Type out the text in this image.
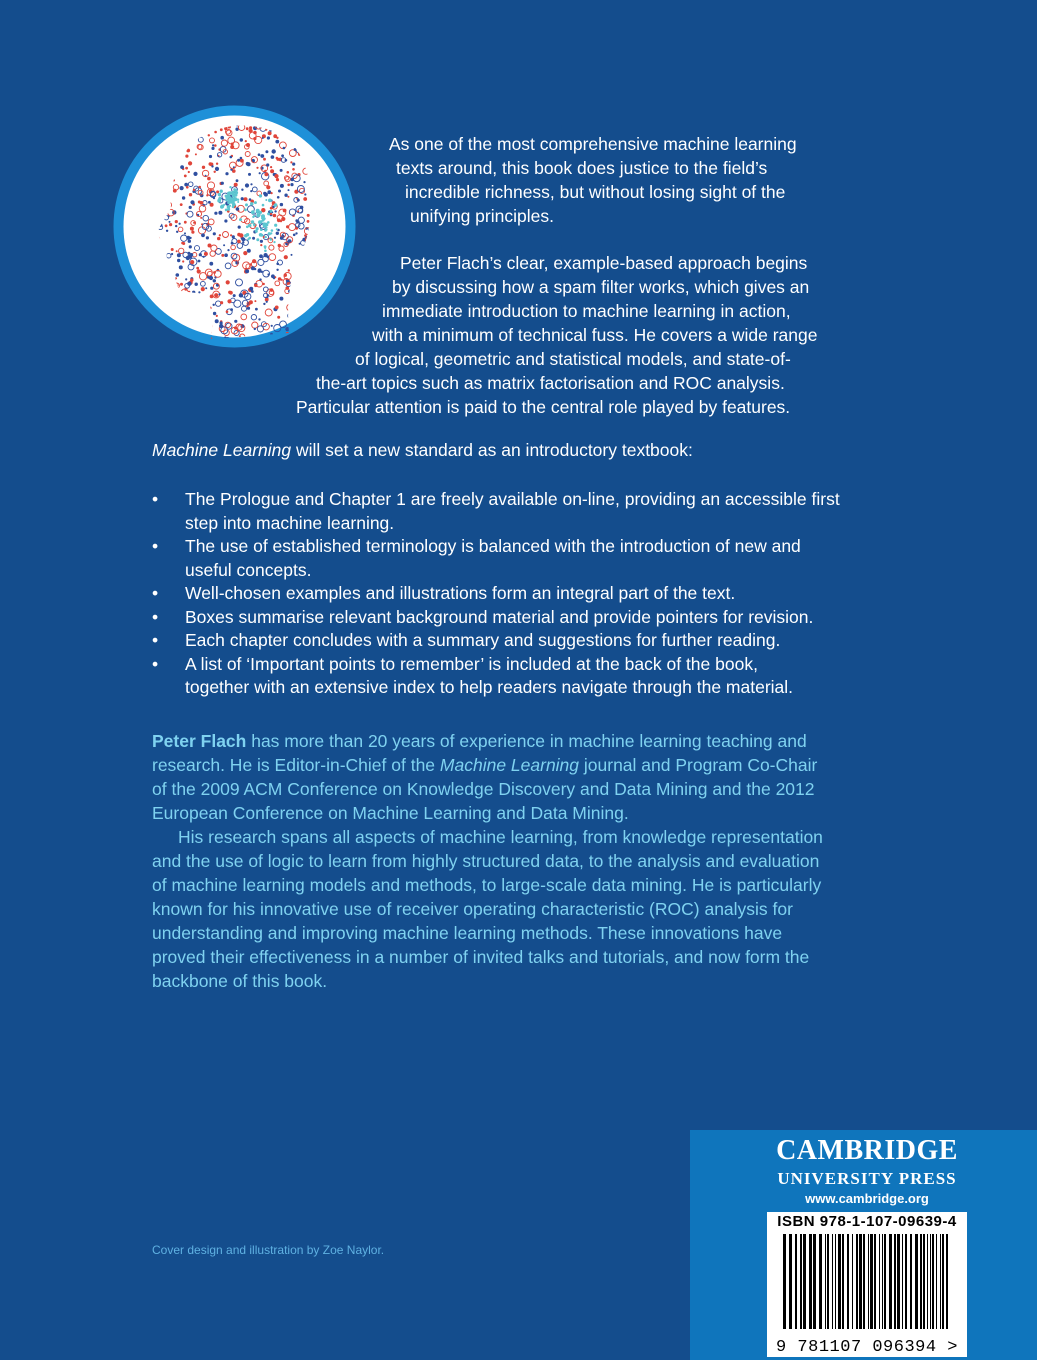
As one of the most comprehensive machine learning
texts around, this book does justice to the field’s
incredible richness, but without losing sight of the
unifying principles.
Peter Flach’s clear, example-based approach begins
by discussing how a spam filter works, which gives an
immediate introduction to machine learning in action,
with a minimum of technical fuss. He covers a wide range
of logical, geometric and statistical models, and state-of-
the-art topics such as matrix factorisation and ROC analysis.
Particular attention is paid to the central role played by features.
Machine Learning will set a new standard as an introductory textbook:
• The Prologue and Chapter 1 are freely available on-line, providing an accessible first
step into machine learning.
• The use of established terminology is balanced with the introduction of new and
useful concepts.
• Well-chosen examples and illustrations form an integral part of the text.
• Boxes summarise relevant background material and provide pointers for revision.
• Each chapter concludes with a summary and suggestions for further reading.
• A list of ‘Important points to remember’ is included at the back of the book,
together with an extensive index to help readers navigate through the material.

Peter Flach has more than 20 years of experience in machine learning teaching and

research. He is Editor-in-Chief of the Machine Learning journal and Program Co-Chair

of the 2009 ACM Conference on Knowledge Discovery and Data Mining and the 2012

European Conference on Machine Learning and Data Mining.

His research spans all aspects of machine learning, from knowledge representation

and the use of logic to learn from highly structured data, to the analysis and evaluation

of machine learning models and methods, to large-scale data mining. He is particularly

known for his innovative use of receiver operating characteristic (ROC) analysis for

understanding and improving machine learning methods. These innovations have

proved their effectiveness in a number of invited talks and tutorials, and now form the

backbone of this book.

Cover design and illustration by Zoe Naylor.
CAMBRIDGE
UNIVERSITY PRESS
www.cambridge.org
ISBN 978-1-107-09639-4
9 781107 096394 >
